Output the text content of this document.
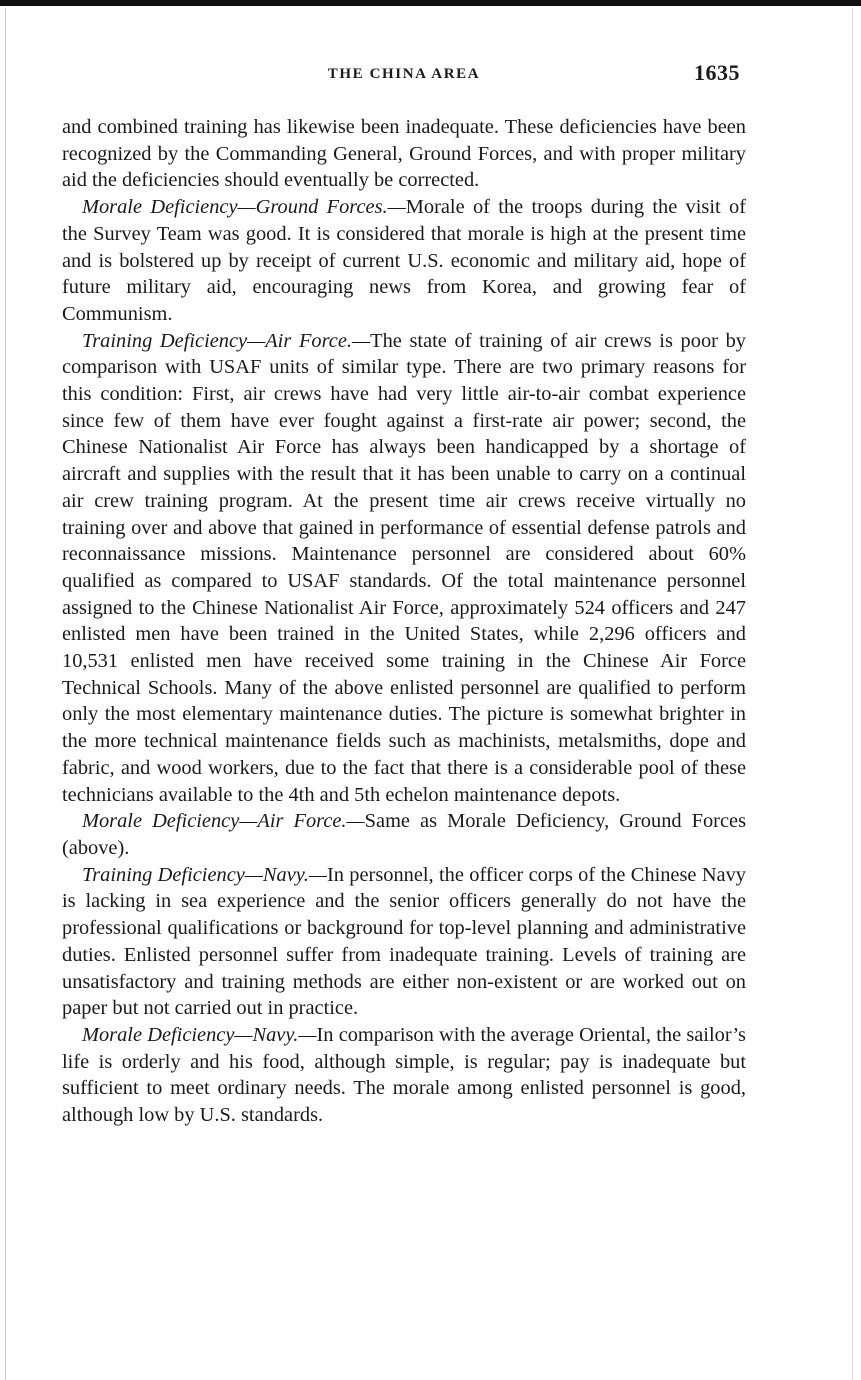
THE CHINA AREA	1635

and combined training has likewise been inadequate. These deficiencies have been recognized by the Commanding General, Ground Forces, and with proper military aid the deficiencies should eventually be corrected.

Morale Deficiency—Ground Forces.—Morale of the troops during the visit of the Survey Team was good. It is considered that morale is high at the present time and is bolstered up by receipt of current U.S. economic and military aid, hope of future military aid, encouraging news from Korea, and growing fear of Communism.

Training Deficiency—Air Force.—The state of training of air crews is poor by comparison with USAF units of similar type. There are two primary reasons for this condition: First, air crews have had very little air-to-air combat experience since few of them have ever fought against a first-rate air power; second, the Chinese Nationalist Air Force has always been handicapped by a shortage of aircraft and supplies with the result that it has been unable to carry on a continual air crew training program. At the present time air crews receive virtually no training over and above that gained in performance of essential defense patrols and reconnaissance missions. Maintenance personnel are considered about 60% qualified as compared to USAF standards. Of the total maintenance personnel assigned to the Chinese Nationalist Air Force, approximately 524 officers and 247 enlisted men have been trained in the United States, while 2,296 officers and 10,531 enlisted men have received some training in the Chinese Air Force Technical Schools. Many of the above enlisted personnel are qualified to perform only the most elementary maintenance duties. The picture is somewhat brighter in the more technical maintenance fields such as machinists, metalsmiths, dope and fabric, and wood workers, due to the fact that there is a considerable pool of these technicians available to the 4th and 5th echelon maintenance depots.

Morale Deficiency—Air Force.—Same as Morale Deficiency, Ground Forces (above).

Training Deficiency—Navy.—In personnel, the officer corps of the Chinese Navy is lacking in sea experience and the senior officers generally do not have the professional qualifications or background for top-level planning and administrative duties. Enlisted personnel suffer from inadequate training. Levels of training are unsatisfactory and training methods are either non-existent or are worked out on paper but not carried out in practice.

Morale Deficiency—Navy.—In comparison with the average Oriental, the sailor’s life is orderly and his food, although simple, is regular; pay is inadequate but sufficient to meet ordinary needs. The morale among enlisted personnel is good, although low by U.S. standards.
